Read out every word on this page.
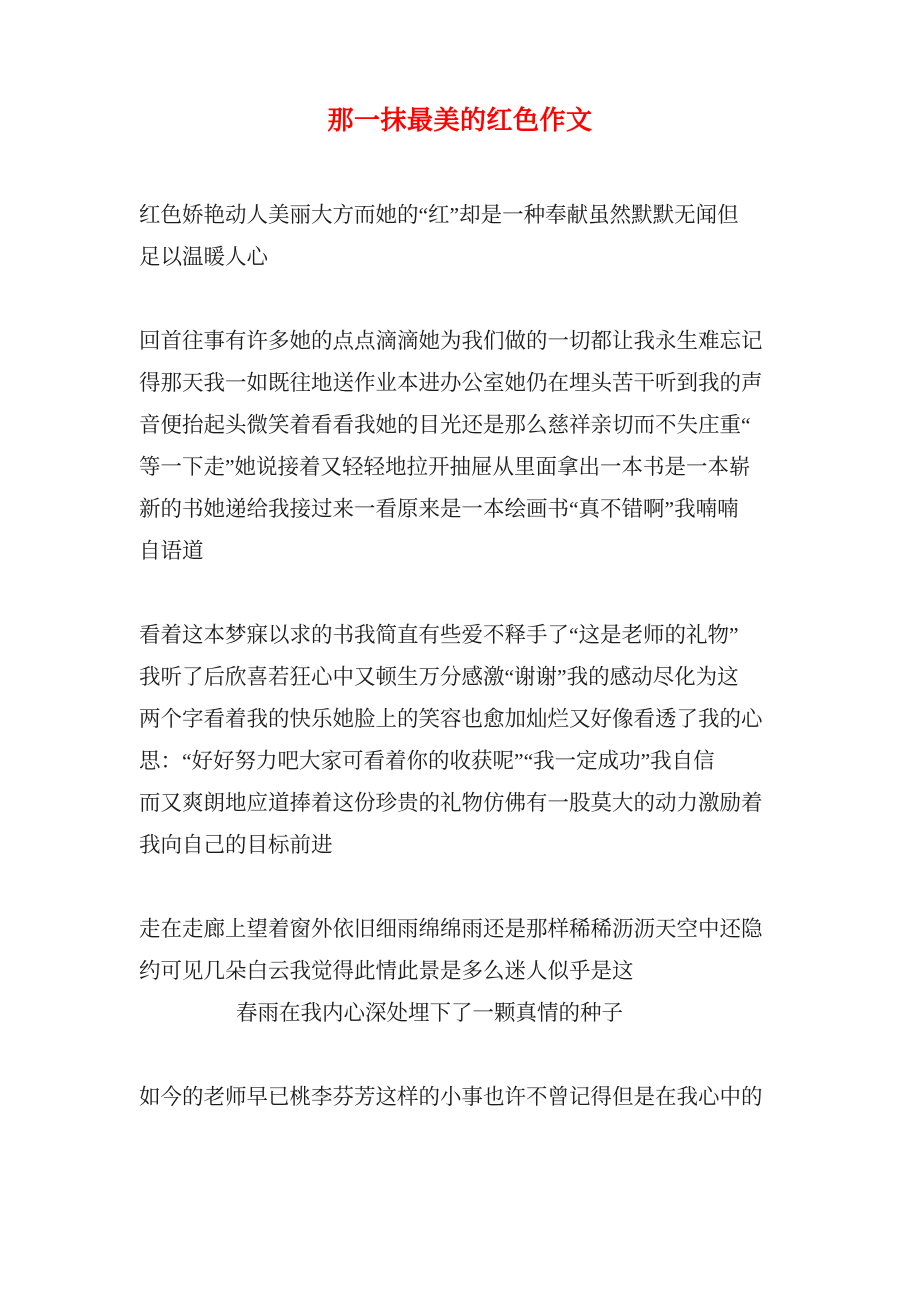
那一抹最美的红色作文
红色娇艳动人美丽大方而她的“红”却是一种奉献虽然默默无闻但
足以温暖人心
回首往事有许多她的点点滴滴她为我们做的一切都让我永生难忘记
得那天我一如既往地送作业本进办公室她仍在埋头苦干听到我的声
音便抬起头微笑着看看我她的目光还是那么慈祥亲切而不失庄重“
等一下走”她说接着又轻轻地拉开抽屉从里面拿出一本书是一本崭
新的书她递给我接过来一看原来是一本绘画书“真不错啊”我喃喃
自语道
看着这本梦寐以求的书我简直有些爱不释手了“这是老师的礼物”
我听了后欣喜若狂心中又顿生万分感激“谢谢”我的感动尽化为这
两个字看着我的快乐她脸上的笑容也愈加灿烂又好像看透了我的心
思：“好好努力吧大家可看着你的收获呢”“我一定成功”我自信
而又爽朗地应道捧着这份珍贵的礼物仿佛有一股莫大的动力激励着
我向自己的目标前进
走在走廊上望着窗外依旧细雨绵绵雨还是那样稀稀沥沥天空中还隐
约可见几朵白云我觉得此情此景是多么迷人似乎是这
春雨在我内心深处埋下了一颗真情的种子
如今的老师早已桃李芬芳这样的小事也许不曾记得但是在我心中的
